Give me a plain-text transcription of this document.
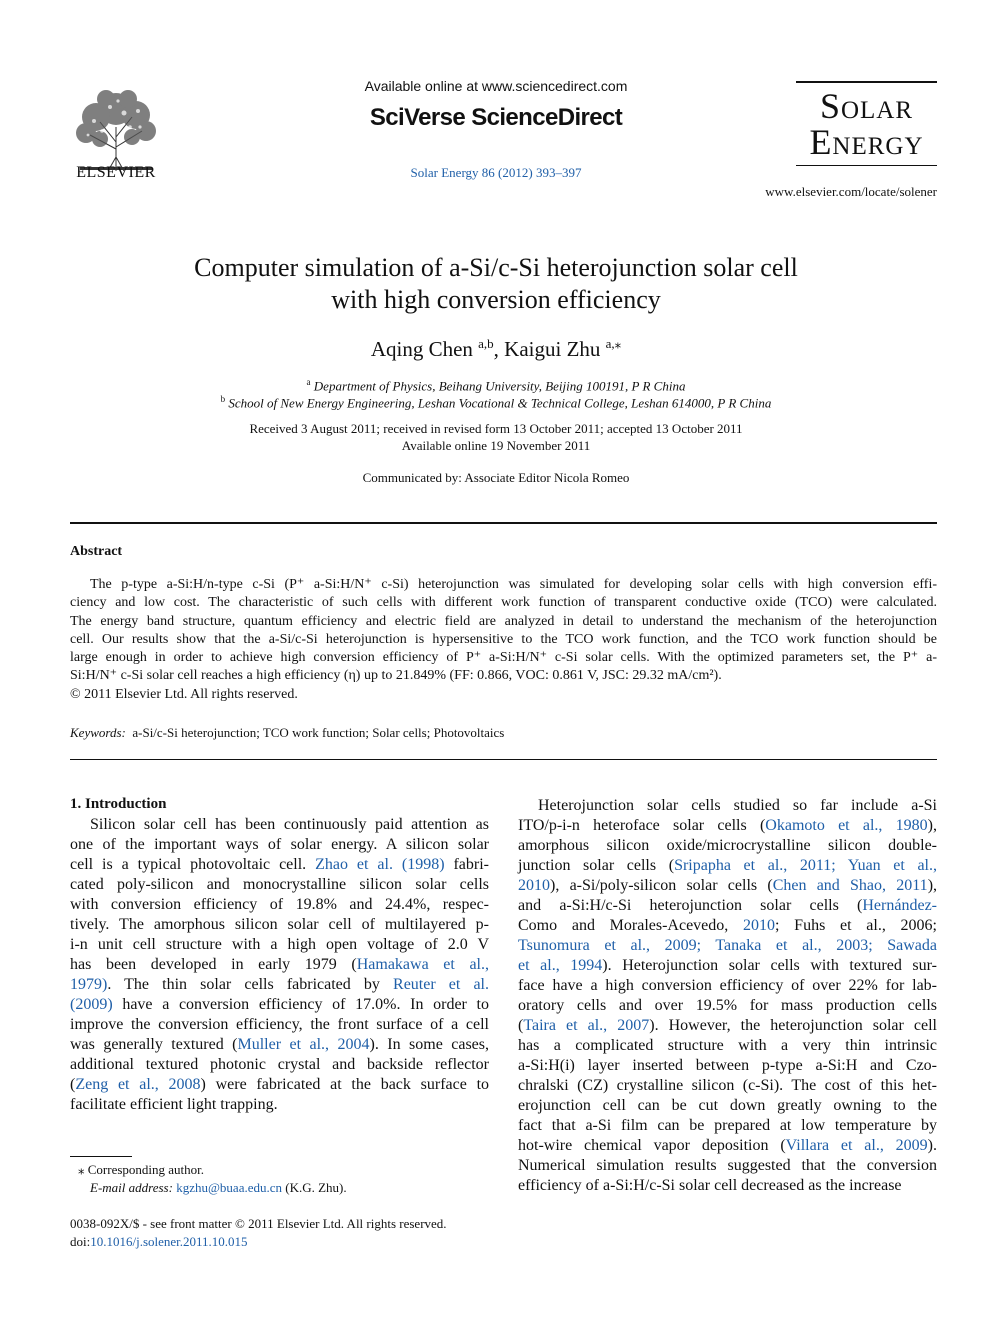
ELSEVIER
Available online at www.sciencedirect.com
SciVerse ScienceDirect
Solar Energy 86 (2012) 393–397
Solar
Energy
www.elsevier.com/locate/solener
Computer simulation of a-Si/c-Si heterojunction solar cell
with high conversion efficiency
Aqing Chen $^{a,b}$, Kaigui Zhu $^{a,⁎}$
$^a$ Department of Physics, Beihang University, Beijing 100191, P R China
$^b$ School of New Energy Engineering, Leshan Vocational & Technical College, Leshan 614000, P R China
Received 3 August 2011; received in revised form 13 October 2011; accepted 13 October 2011
Available online 19 November 2011
Communicated by: Associate Editor Nicola Romeo
Abstract
The p-type a-Si:H/n-type c-Si (P⁺ a-Si:H/N⁺ c-Si) heterojunction was simulated for developing solar cells with high conversion effi-
ciency and low cost. The characteristic of such cells with different work function of transparent conductive oxide (TCO) were calculated.
The energy band structure, quantum efficiency and electric field are analyzed in detail to understand the mechanism of the heterojunction
cell. Our results show that the a-Si/c-Si heterojunction is hypersensitive to the TCO work function, and the TCO work function should be
large enough in order to achieve high conversion efficiency of P⁺ a-Si:H/N⁺ c-Si solar cells. With the optimized parameters set, the P⁺ a-
Si:H/N⁺ c-Si solar cell reaches a high efficiency (η) up to 21.849% (FF: 0.866, VOC: 0.861 V, JSC: 29.32 mA/cm²).
© 2011 Elsevier Ltd. All rights reserved.
Keywords: a-Si/c-Si heterojunction; TCO work function; Solar cells; Photovoltaics
1. Introduction
Silicon solar cell has been continuously paid attention as
one of the important ways of solar energy. A silicon solar
cell is a typical photovoltaic cell. Zhao et al. (1998) fabri-
cated poly-silicon and monocrystalline silicon solar cells
with conversion efficiency of 19.8% and 24.4%, respec-
tively. The amorphous silicon solar cell of multilayered p-
i-n unit cell structure with a high open voltage of 2.0 V
has been developed in early 1979 (Hamakawa et al.,
1979). The thin solar cells fabricated by Reuter et al.
(2009) have a conversion efficiency of 17.0%. In order to
improve the conversion efficiency, the front surface of a cell
was generally textured (Muller et al., 2004). In some cases,
additional textured photonic crystal and backside reflector
(Zeng et al., 2008) were fabricated at the back surface to
facilitate efficient light trapping.
Heterojunction solar cells studied so far include a-Si
ITO/p-i-n heteroface solar cells (Okamoto et al., 1980),
amorphous silicon oxide/microcrystalline silicon double-
junction solar cells (Sripapha et al., 2011; Yuan et al.,
2010), a-Si/poly-silicon solar cells (Chen and Shao, 2011),
and a-Si:H/c-Si heterojunction solar cells (Hernández-
Como and Morales-Acevedo, 2010; Fuhs et al., 2006;
Tsunomura et al., 2009; Tanaka et al., 2003; Sawada
et al., 1994). Heterojunction solar cells with textured sur-
face have a high conversion efficiency of over 22% for lab-
oratory cells and over 19.5% for mass production cells
(Taira et al., 2007). However, the heterojunction solar cell
has a complicated structure with a very thin intrinsic
a-Si:H(i) layer inserted between p-type a-Si:H and Czo-
chralski (CZ) crystalline silicon (c-Si). The cost of this het-
erojunction cell can be cut down greatly owning to the
fact that a-Si film can be prepared at low temperature by
hot-wire chemical vapor deposition (Villara et al., 2009).
Numerical simulation results suggested that the conversion
efficiency of a-Si:H/c-Si solar cell decreased as the increase
⁎ Corresponding author.
E-mail address: kgzhu@buaa.edu.cn (K.G. Zhu).
0038-092X/$ - see front matter © 2011 Elsevier Ltd. All rights reserved.
doi:10.1016/j.solener.2011.10.015
